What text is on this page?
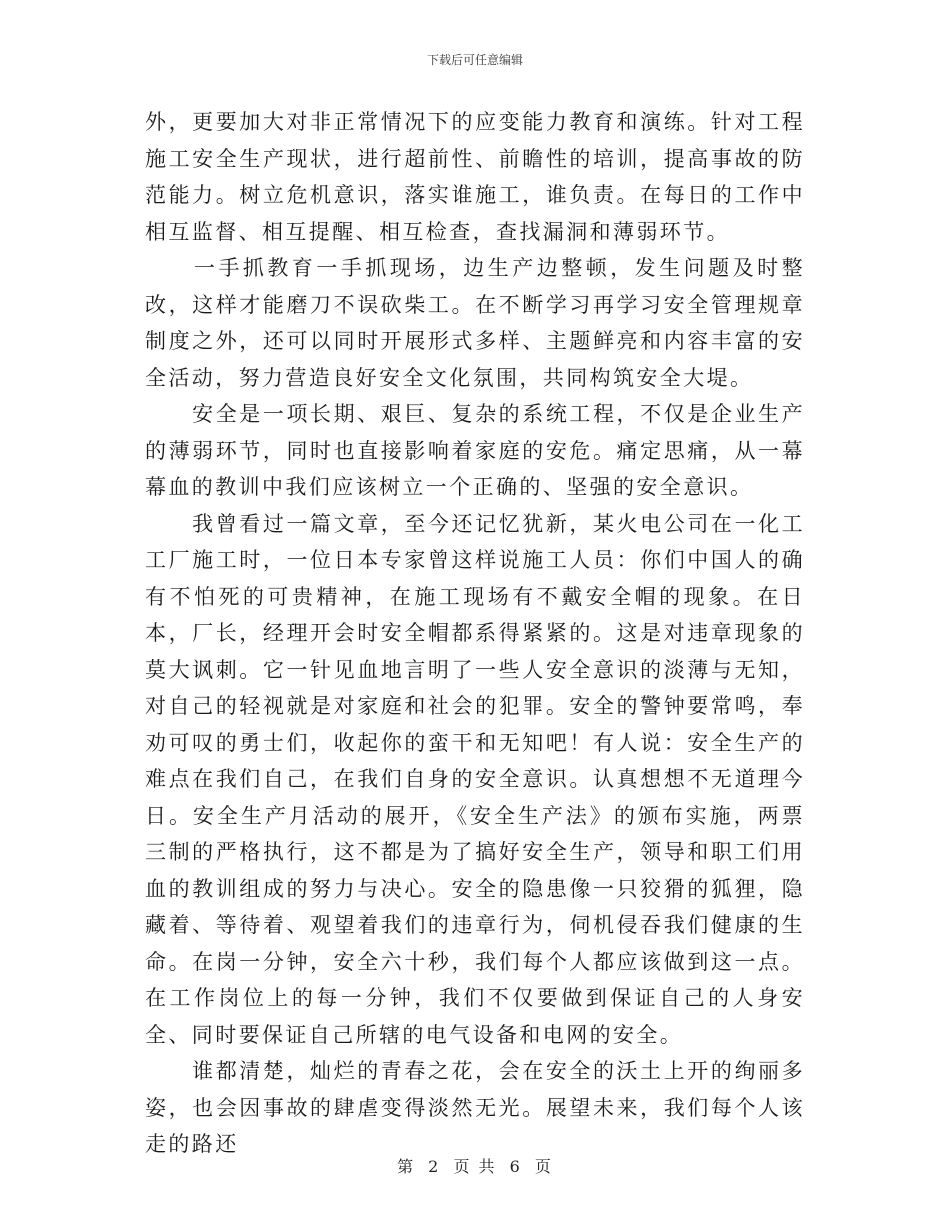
下载后可任意编辑

外，更要加大对非正常情况下的应变能力教育和演练。针对工程施工安全生产现状，进行超前性、前瞻性的培训，提高事故的防范能力。树立危机意识，落实谁施工，谁负责。在每日的工作中相互监督、相互提醒、相互检查，查找漏洞和薄弱环节。

　　一手抓教育一手抓现场，边生产边整顿，发生问题及时整改，这样才能磨刀不误砍柴工。在不断学习再学习安全管理规章制度之外，还可以同时开展形式多样、主题鲜亮和内容丰富的安全活动，努力营造良好安全文化氛围，共同构筑安全大堤。

　　安全是一项长期、艰巨、复杂的系统工程，不仅是企业生产的薄弱环节，同时也直接影响着家庭的安危。痛定思痛，从一幕幕血的教训中我们应该树立一个正确的、坚强的安全意识。

　　我曾看过一篇文章，至今还记忆犹新，某火电公司在一化工工厂施工时，一位日本专家曾这样说施工人员：你们中国人的确有不怕死的可贵精神，在施工现场有不戴安全帽的现象。在日本，厂长，经理开会时安全帽都系得紧紧的。这是对违章现象的莫大讽刺。它一针见血地言明了一些人安全意识的淡薄与无知，对自己的轻视就是对家庭和社会的犯罪。安全的警钟要常鸣，奉劝可叹的勇士们，收起你的蛮干和无知吧！有人说：安全生产的难点在我们自己，在我们自身的安全意识。认真想想不无道理今日。安全生产月活动的展开，《安全生产法》的颁布实施，两票三制的严格执行，这不都是为了搞好安全生产，领导和职工们用血的教训组成的努力与决心。安全的隐患像一只狡猾的狐狸，隐藏着、等待着、观望着我们的违章行为，伺机侵吞我们健康的生命。在岗一分钟，安全六十秒，我们每个人都应该做到这一点。在工作岗位上的每一分钟，我们不仅要做到保证自己的人身安全、同时要保证自己所辖的电气设备和电网的安全。

　　谁都清楚，灿烂的青春之花，会在安全的沃土上开的绚丽多姿，也会因事故的肆虐变得淡然无光。展望未来，我们每个人该走的路还

第 2 页 共 6 页
